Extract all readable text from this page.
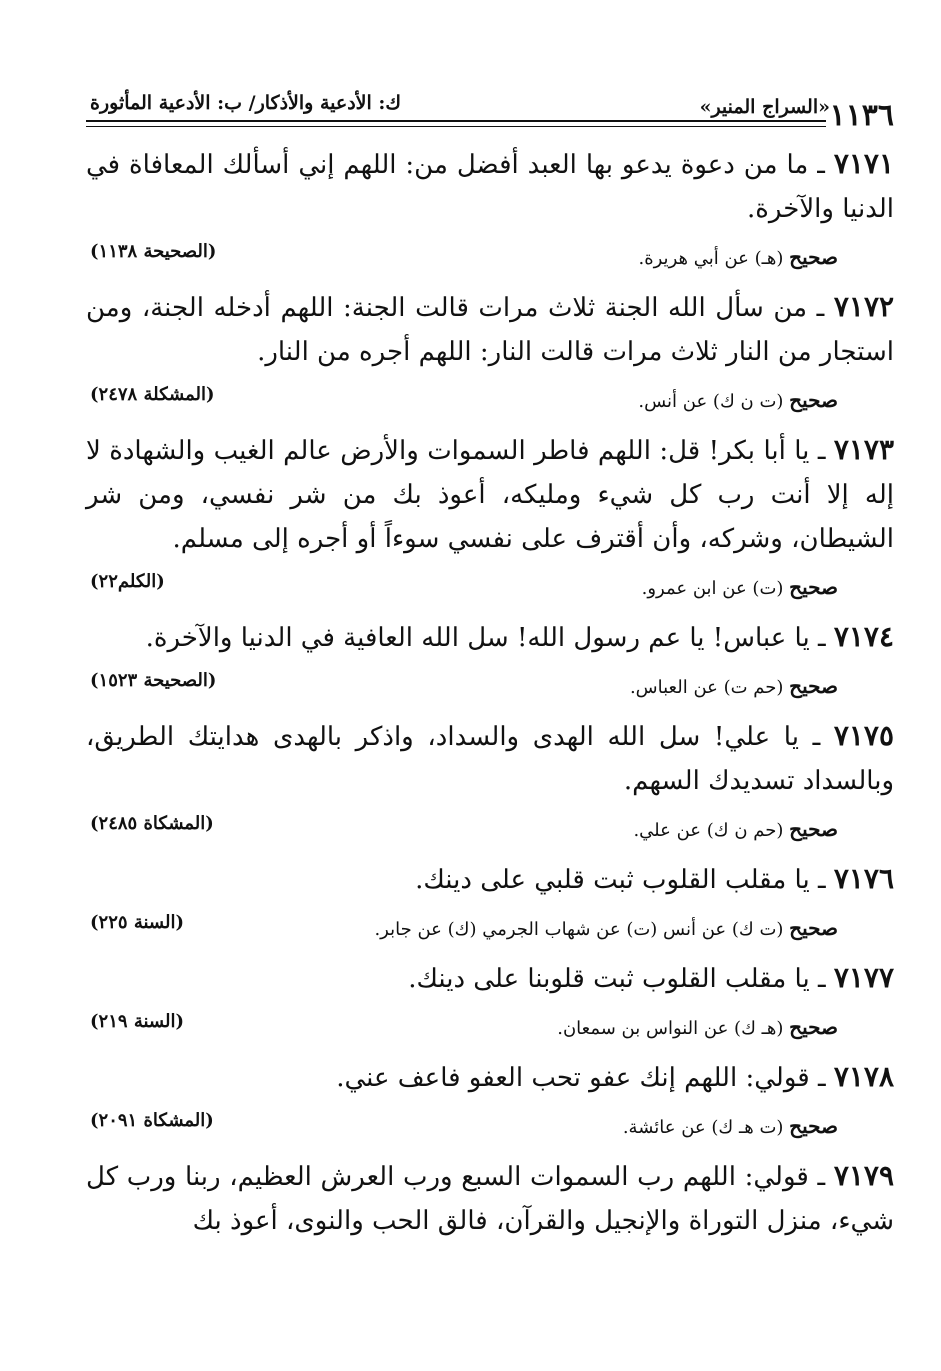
١١٣٦
«السراج المنير»
ك: الأدعية والأذكار/ ب: الأدعية المأثورة
٧١٧١ ـ ما من دعوة يدعو بها العبد أفضل من: اللهم إني أسألك المعافاة في الدنيا والآخرة.
صحيح (هـ) عن أبي هريرة.
(الصحيحة ١١٣٨)
٧١٧٢ ـ من سأل الله الجنة ثلاث مرات قالت الجنة: اللهم أدخله الجنة، ومن استجار من النار ثلاث مرات قالت النار: اللهم أجره من النار.
صحيح (ت ن ك) عن أنس.
(المشكلة ٢٤٧٨)
٧١٧٣ ـ يا أبا بكر! قل: اللهم فاطر السموات والأرض عالم الغيب والشهادة لا إله إلا أنت رب كل شيء ومليكه، أعوذ بك من شر نفسي، ومن شر الشيطان، وشركه، وأن أقترف على نفسي سوءاً أو أجره إلى مسلم.
صحيح (ت) عن ابن عمرو.
(الكلم٢٢)
٧١٧٤ ـ يا عباس! يا عم رسول الله! سل الله العافية في الدنيا والآخرة.
صحيح (حم ت) عن العباس.
(الصحيحة ١٥٢٣)
٧١٧٥ ـ يا علي! سل الله الهدى والسداد، واذكر بالهدى هدايتك الطريق، وبالسداد تسديدك السهم.
صحيح (حم ن ك) عن علي.
(المشكاة ٢٤٨٥)
٧١٧٦ ـ يا مقلب القلوب ثبت قلبي على دينك.
صحيح (ت ك) عن أنس (ت) عن شهاب الجرمي (ك) عن جابر.
(السنة ٢٢٥)
٧١٧٧ ـ يا مقلب القلوب ثبت قلوبنا على دينك.
صحيح (هـ ك) عن النواس بن سمعان.
(السنة ٢١٩)
٧١٧٨ ـ قولي: اللهم إنك عفو تحب العفو فاعف عني.
صحيح (ت هـ ك) عن عائشة.
(المشكاة ٢٠٩١)
٧١٧٩ ـ قولي: اللهم رب السموات السبع ورب العرش العظيم، ربنا ورب كل شيء، منزل التوراة والإنجيل والقرآن، فالق الحب والنوى، أعوذ بك
